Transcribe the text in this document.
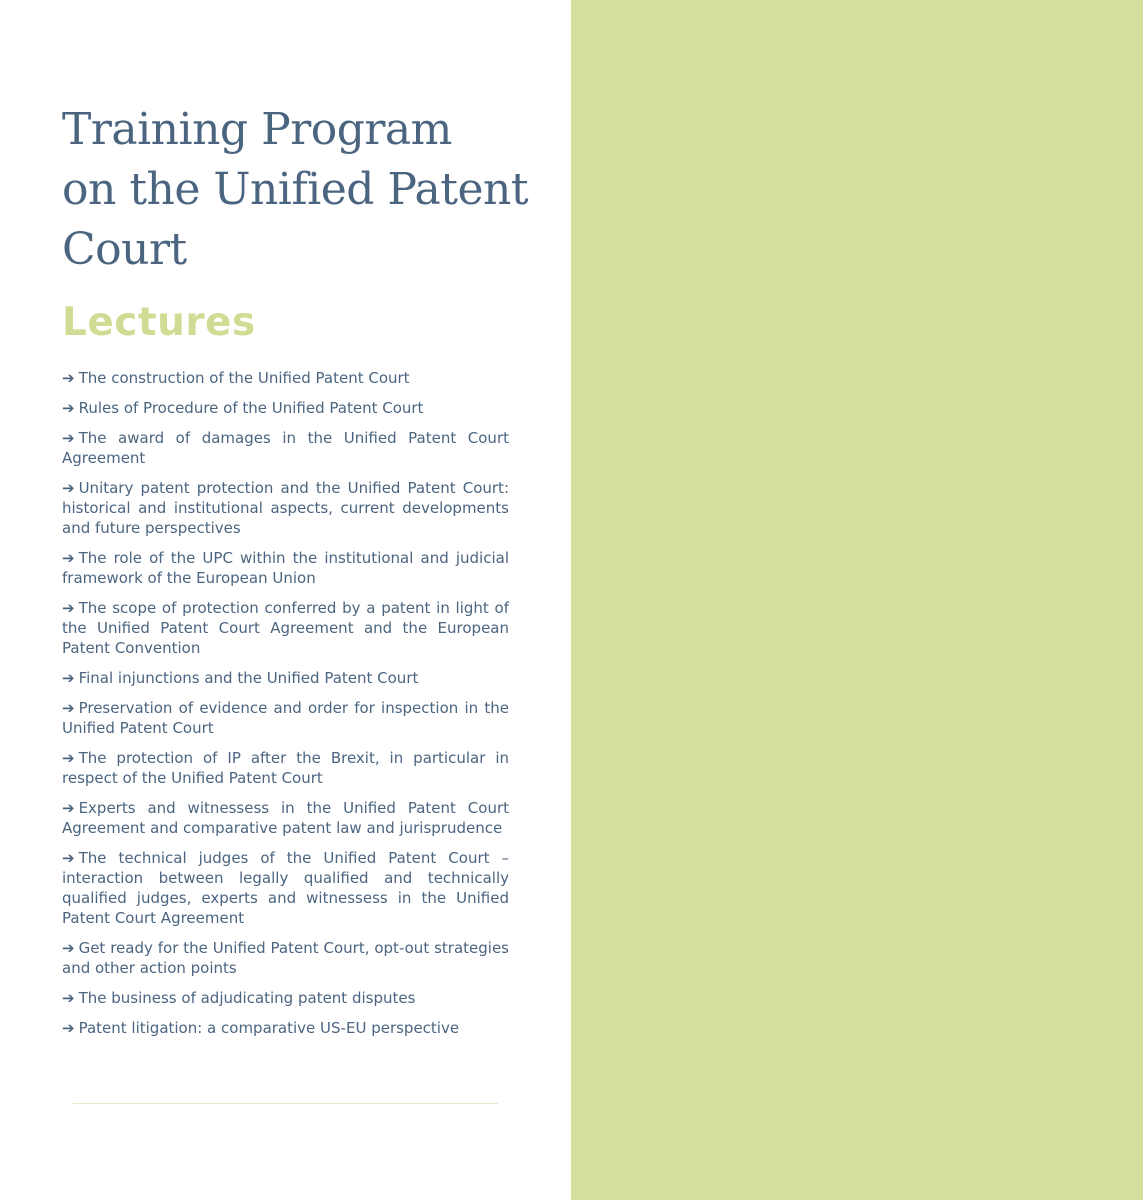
Training Program
on the Unified Patent
Court
Lectures
➔ The construction of the Unified Patent Court
➔ Rules of Procedure of the Unified Patent Court
➔ The award of damages in the Unified Patent Court Agreement
➔ Unitary patent protection and the Unified Patent Court: historical and institutional aspects, current developments and future perspectives
➔ The role of the UPC within the institutional and judicial framework of the European Union
➔ The scope of protection conferred by a patent in light of the Unified Patent Court Agreement and the European Patent Convention
➔ Final injunctions and the Unified Patent Court
➔ Preservation of evidence and order for inspection in the Unified Patent Court
➔ The protection of IP after the Brexit, in particular in respect of the Unified Patent Court
➔ Experts and witnessess in the Unified Patent Court Agreement and comparative patent law and jurisprudence
➔ The technical judges of the Unified Patent Court – interaction between legally qualified and technically qualified judges, experts and witnessess in the Unified Patent Court Agreement
➔ Get ready for the Unified Patent Court, opt-out strategies and other action points
➔ The business of adjudicating patent disputes
➔ Patent litigation: a comparative US-EU perspective
